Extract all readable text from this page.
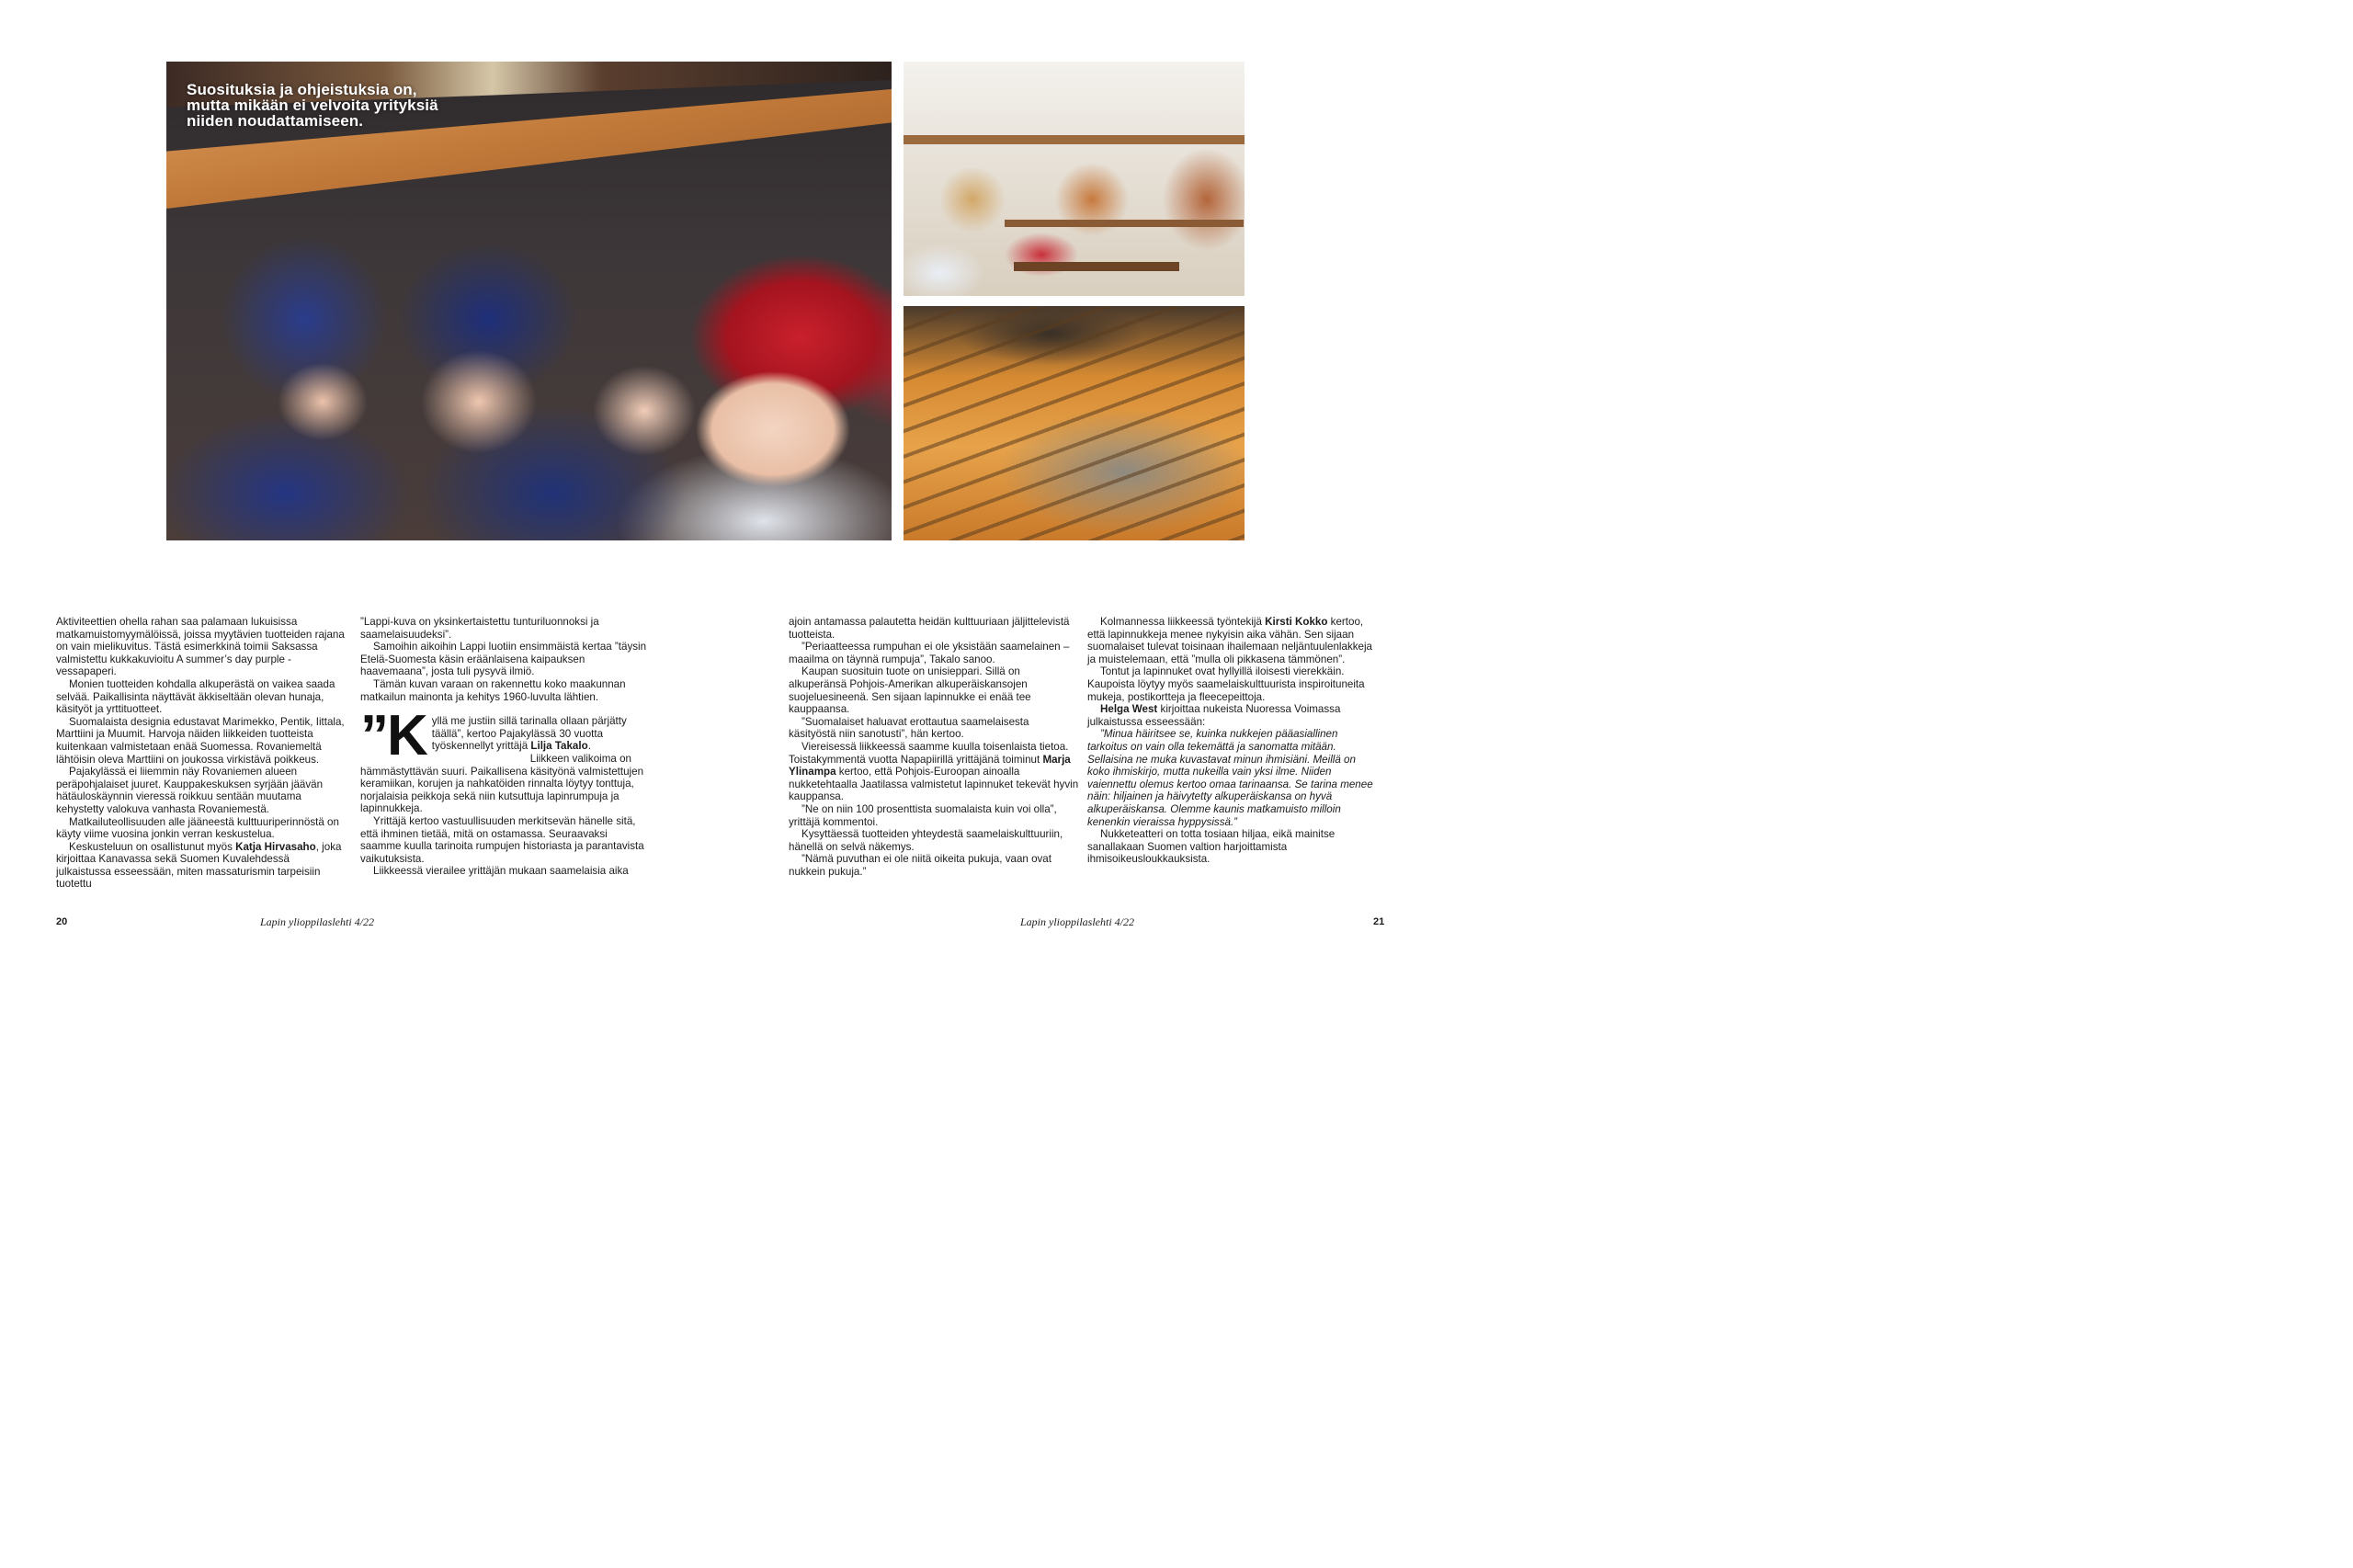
Suosituksia ja ohjeistuksia on, mutta mikään ei velvoita yrityksiä niiden noudattamiseen.

Aktiviteettien ohella rahan saa palamaan lukuisissa matkamuistomyymälöissä, joissa myytävien tuotteiden rajana on vain mielikuvitus. Tästä esimerkkinä toimii Saksassa valmistettu kukkakuvioitu A summer’s day purple -vessapaperi.

Monien tuotteiden kohdalla alkuperästä on vaikea saada selvää. Paikallisinta näyttävät äkkiseltään olevan hunaja, käsityöt ja yrttituotteet.

Suomalaista designia edustavat Marimekko, Pentik, Iittala, Marttiini ja Muumit. Harvoja näiden liikkeiden tuotteista kuitenkaan valmistetaan enää Suomessa. Rovaniemeltä lähtöisin oleva Marttiini on joukossa virkistävä poikkeus.

Pajakylässä ei liiemmin näy Rovaniemen alueen peräpohjalaiset juuret. Kauppakeskuksen syrjään jäävän hätäuloskäynnin vieressä roikkuu sentään muutama kehystetty valokuva vanhasta Rovaniemestä.

Matkailuteollisuuden alle jääneestä kulttuuriperinnöstä on käyty viime vuosina jonkin verran keskustelua.

Keskusteluun on osallistunut myös Katja Hirvasaho, joka kirjoittaa Kanavassa sekä Suomen Kuvalehdessä julkaistussa esseessään, miten massaturismin tarpeisiin tuotettu

”Lappi-kuva on yksinkertaistettu tunturiluonnoksi ja saamelaisuudeksi”.

Samoihin aikoihin Lappi luotiin ensimmäistä kertaa ”täysin Etelä-Suomesta käsin eräänlaisena kaipauksen haavemaana”, josta tuli pysyvä ilmiö.

Tämän kuvan varaan on rakennettu koko maakunnan matkailun mainonta ja kehitys 1960-luvulta lähtien.

”K yllä me justiin sillä tarinalla ollaan pärjätty täällä”, kertoo Pajakylässä 30 vuotta työskennellyt yrittäjä Lilja Takalo.

Liikkeen valikoima on hämmästyttävän suuri. Paikallisena käsityönä valmistettujen keramiikan, korujen ja nahkatöiden rinnalta löytyy tonttuja, norjalaisia peikkoja sekä niin kutsuttuja lapinrumpuja ja lapinnukkeja.

Yrittäjä kertoo vastuullisuuden merkitsevän hänelle sitä, että ihminen tietää, mitä on ostamassa. Seuraavaksi saamme kuulla tarinoita rumpujen historiasta ja parantavista vaikutuksista.

Liikkeessä vierailee yrittäjän mukaan saamelaisia aika

ajoin antamassa palautetta heidän kulttuuriaan jäljittelevistä tuotteista.

”Periaatteessa rumpuhan ei ole yksistään saamelainen – maailma on täynnä rumpuja”, Takalo sanoo.

Kaupan suosituin tuote on unisieppari. Sillä on alkuperänsä Pohjois-Amerikan alkuperäiskansojen suojeluesineenä. Sen sijaan lapinnukke ei enää tee kauppaansa.

”Suomalaiset haluavat erottautua saamelaisesta käsityöstä niin sanotusti”, hän kertoo.

Viereisessä liikkeessä saamme kuulla toisenlaista tietoa. Toistakymmentä vuotta Napapiirillä yrittäjänä toiminut Marja Ylinampa kertoo, että Pohjois-Euroopan ainoalla nukketehtaalla Jaatilassa valmistetut lapinnuket tekevät hyvin kauppansa.

”Ne on niin 100 prosenttista suomalaista kuin voi olla”, yrittäjä kommentoi.

Kysyttäessä tuotteiden yhteydestä saamelaiskulttuuriin, hänellä on selvä näkemys.

”Nämä puvuthan ei ole niitä oikeita pukuja, vaan ovat nukkein pukuja.”

Kolmannessa liikkeessä työntekijä Kirsti Kokko kertoo, että lapinnukkeja menee nykyisin aika vähän. Sen sijaan suomalaiset tulevat toisinaan ihailemaan neljäntuulenlakkeja ja muistelemaan, että ”mulla oli pikkasena tämmönen”.

Tontut ja lapinnuket ovat hyllyillä iloisesti vierekkäin. Kaupoista löytyy myös saamelaiskulttuurista inspiroituneita mukeja, postikortteja ja fleecepeittoja.

Helga West kirjoittaa nukeista Nuoressa Voimassa julkaistussa esseessään:

”Minua häiritsee se, kuinka nukkejen pääasiallinen tarkoitus on vain olla tekemättä ja sanomatta mitään. Sellaisina ne muka kuvastavat minun ihmisiäni. Meillä on koko ihmiskirjo, mutta nukeilla vain yksi ilme. Niiden vaiennettu olemus kertoo omaa tarinaansa. Se tarina menee näin: hiljainen ja häivytetty alkuperäiskansa on hyvä alkuperäiskansa. Olemme kaunis matkamuisto milloin kenenkin vieraissa hyppysissä.”

Nukketeatteri on totta tosiaan hiljaa, eikä mainitse sanallakaan Suomen valtion harjoittamista ihmisoikeusloukkauksista.

20	Lapin ylioppilaslehti 4/22	Lapin ylioppilaslehti 4/22	21
